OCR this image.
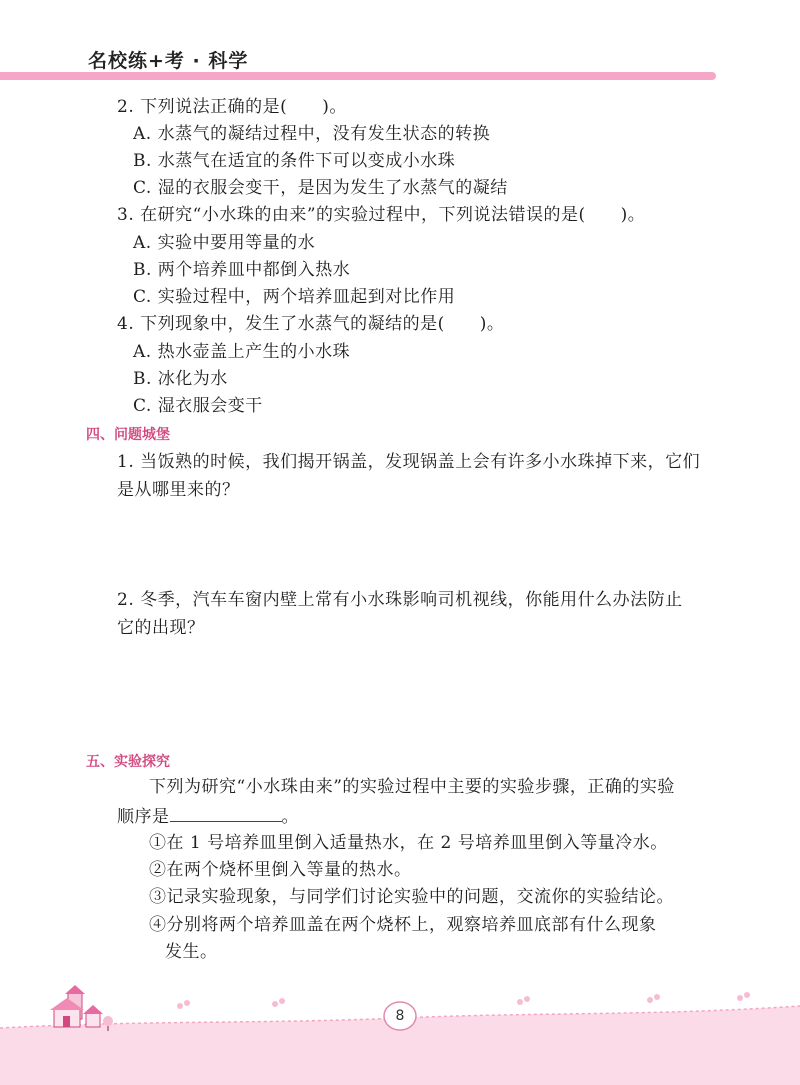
名校练+考 · 科学
2. 下列说法正确的是(　　)。
A. 水蒸气的凝结过程中，没有发生状态的转换
B. 水蒸气在适宜的条件下可以变成小水珠
C. 湿的衣服会变干，是因为发生了水蒸气的凝结
3. 在研究“小水珠的由来”的实验过程中，下列说法错误的是(　　)。
A. 实验中要用等量的水
B. 两个培养皿中都倒入热水
C. 实验过程中，两个培养皿起到对比作用
4. 下列现象中，发生了水蒸气的凝结的是(　　)。
A. 热水壶盖上产生的小水珠
B. 冰化为水
C. 湿衣服会变干
四、问题城堡
1. 当饭熟的时候，我们揭开锅盖，发现锅盖上会有许多小水珠掉下来，它们
是从哪里来的？
2. 冬季，汽车车窗内壁上常有小水珠影响司机视线，你能用什么办法防止
它的出现？
五、实验探究
下列为研究“小水珠由来”的实验过程中主要的实验步骤，正确的实验
顺序是	。
①在 1 号培养皿里倒入适量热水，在 2 号培养皿里倒入等量冷水。
②在两个烧杯里倒入等量的热水。
③记录实验现象，与同学们讨论实验中的问题，交流你的实验结论。
④分别将两个培养皿盖在两个烧杯上，观察培养皿底部有什么现象
发生。
8
